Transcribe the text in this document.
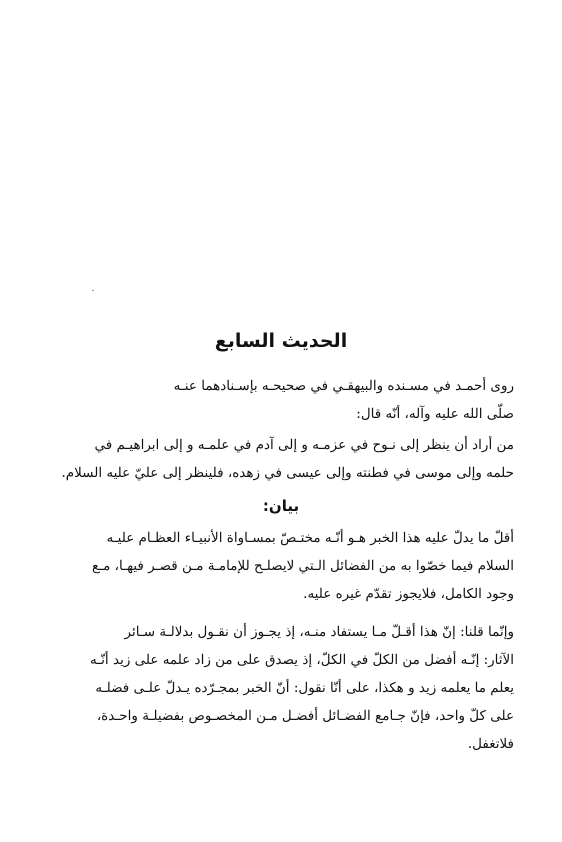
الحديث السابع
روى أحمـد في مسـنده والبيهقـي في صحيحـه بإسـنادهما عنـه
صلّى الله عليه وآله، أنّه قال:
من أراد أن ينظر إلى نـوح في عزمـه و إلى آدم في علمـه و إلى ابراهيـم في
حلمه وإلى موسى في فطنته وإلى عيسى في زهده، فلينظر إلى عليّ عليه السلام.
بيان:
أقلّ ما يدلّ عليه هذا الخبر هـو أنّـه مختـصّ بمسـاواة الأنبيـاء العظـام عليـه
السلام فيما خصّوا به من الفضائل الـتي لايصلـح للإمامـة مـن قصـر فيهـا، مـع
وجود الكامل، فلايجوز تقدّم غيره عليه.
وإنّما قلنا: إنّ هذا أقـلّ مـا يستفاد منـه، إذ يجـوز أن نقـول بدلالـة سـائر
الآثار: إنّـه أفضل من الكلّ في الكلّ، إذ يصدق على من زاد علمه على زيد أنّـه
يعلم ما يعلمه زيد و هكذا، على أنّا نقول: أنّ الخبر بمجـرّده يـدلّ علـى فضلـه
على كلّ واحد، فإنّ جـامع الفضـائل أفضـل مـن المخصـوص بفضيلـة واحـدة،
فلاتغفل.
